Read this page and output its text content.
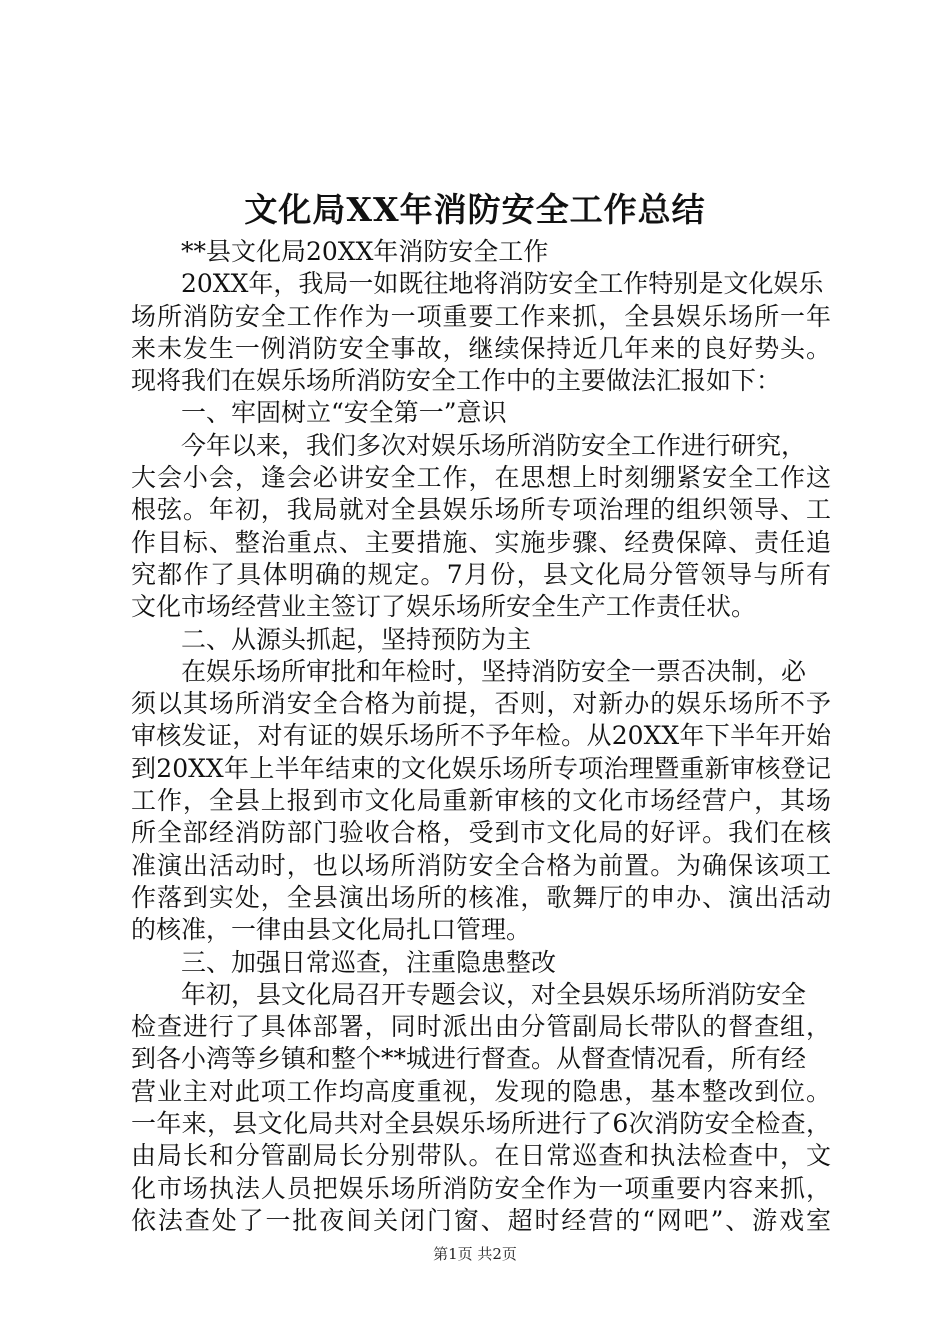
文化局XX年消防安全工作总结
**县文化局20XX年消防安全工作
20XX年，我局一如既往地将消防安全工作特别是文化娱乐
场所消防安全工作作为一项重要工作来抓，全县娱乐场所一年
来未发生一例消防安全事故，继续保持近几年来的良好势头。
现将我们在娱乐场所消防安全工作中的主要做法汇报如下：
一、牢固树立“安全第一”意识
今年以来，我们多次对娱乐场所消防安全工作进行研究，
大会小会，逢会必讲安全工作，在思想上时刻绷紧安全工作这
根弦。年初，我局就对全县娱乐场所专项治理的组织领导、工
作目标、整治重点、主要措施、实施步骤、经费保障、责任追
究都作了具体明确的规定。7月份，县文化局分管领导与所有
文化市场经营业主签订了娱乐场所安全生产工作责任状。
二、从源头抓起，坚持预防为主
在娱乐场所审批和年检时，坚持消防安全一票否决制，必
须以其场所消安全合格为前提，否则，对新办的娱乐场所不予
审核发证，对有证的娱乐场所不予年检。从20XX年下半年开始
到20XX年上半年结束的文化娱乐场所专项治理暨重新审核登记
工作，全县上报到市文化局重新审核的文化市场经营户，其场
所全部经消防部门验收合格，受到市文化局的好评。我们在核
准演出活动时，也以场所消防安全合格为前置。为确保该项工
作落到实处，全县演出场所的核准，歌舞厅的申办、演出活动
的核准，一律由县文化局扎口管理。
三、加强日常巡查，注重隐患整改
年初，县文化局召开专题会议，对全县娱乐场所消防安全
检查进行了具体部署，同时派出由分管副局长带队的督查组，
到各小湾等乡镇和整个**城进行督查。从督查情况看，所有经
营业主对此项工作均高度重视，发现的隐患，基本整改到位。
一年来，县文化局共对全县娱乐场所进行了6次消防安全检查，
由局长和分管副局长分别带队。在日常巡查和执法检查中，文
化市场执法人员把娱乐场所消防安全作为一项重要内容来抓，
依法查处了一批夜间关闭门窗、超时经营的“网吧”、游戏室
第1页 共2页
